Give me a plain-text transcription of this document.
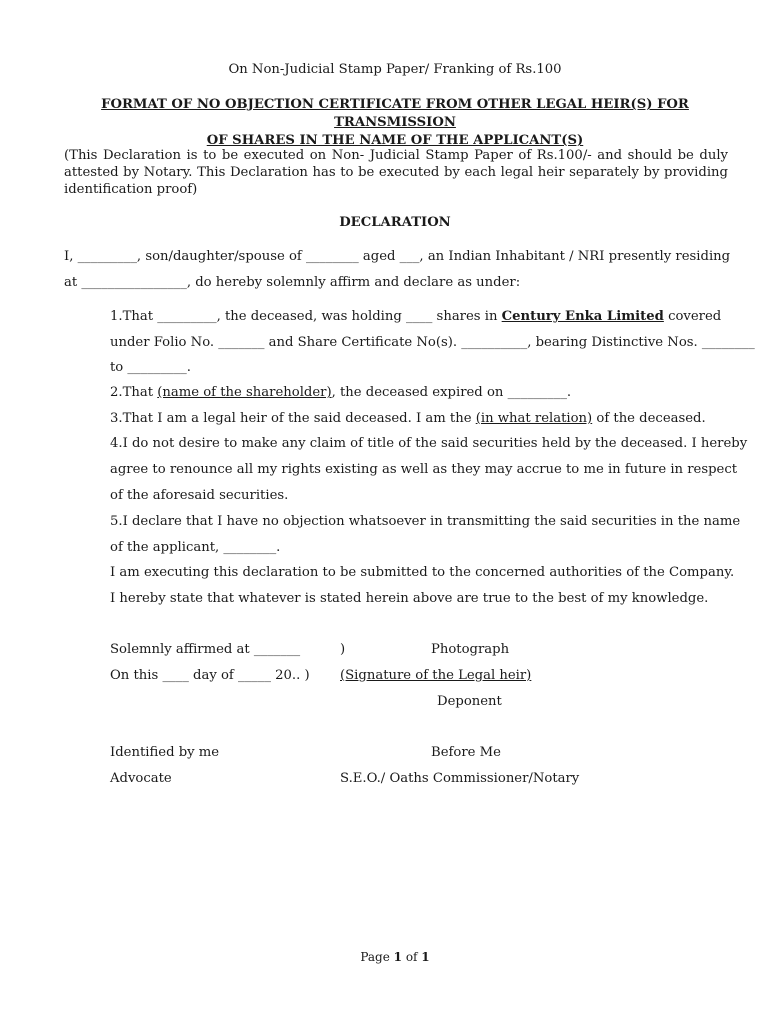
On Non-Judicial Stamp Paper/ Franking of Rs.100
FORMAT OF NO OBJECTION CERTIFICATE FROM OTHER LEGAL HEIR(S) FOR TRANSMISSION
OF SHARES IN THE NAME OF THE APPLICANT(S)
(This Declaration is to be executed on Non- Judicial Stamp Paper of Rs.100/- and should be duly attested by Notary. This Declaration has to be executed by each legal heir separately by providing identification proof)
DECLARATION
I, _________, son/daughter/spouse of ________ aged ___, an Indian Inhabitant / NRI presently residing
at ________________, do hereby solemnly affirm and declare as under:
1.That _________, the deceased, was holding ____ shares in Century Enka Limited covered
under Folio No. _______ and Share Certificate No(s). __________, bearing Distinctive Nos. ________
to _________.
2.That (name of the shareholder), the deceased expired on _________.
3.That I am a legal heir of the said deceased. I am the (in what relation) of the deceased.
4.I do not desire to make any claim of title of the said securities held by the deceased. I hereby
agree to renounce all my rights existing as well as they may accrue to me in future in respect
of the aforesaid securities.
5.I declare that I have no objection whatsoever in transmitting the said securities in the name
of the applicant, ________.
I am executing this declaration to be submitted to the concerned authorities of the Company.
I hereby state that whatever is stated herein above are true to the best of my knowledge.
Solemnly affirmed at _______	)	Photograph
On this ____ day of _____ 20.. ) (Signature of the Legal heir)
Deponent
Identified by me	Before Me
Advocate	S.E.O./ Oaths Commissioner/Notary
Page 1 of 1
